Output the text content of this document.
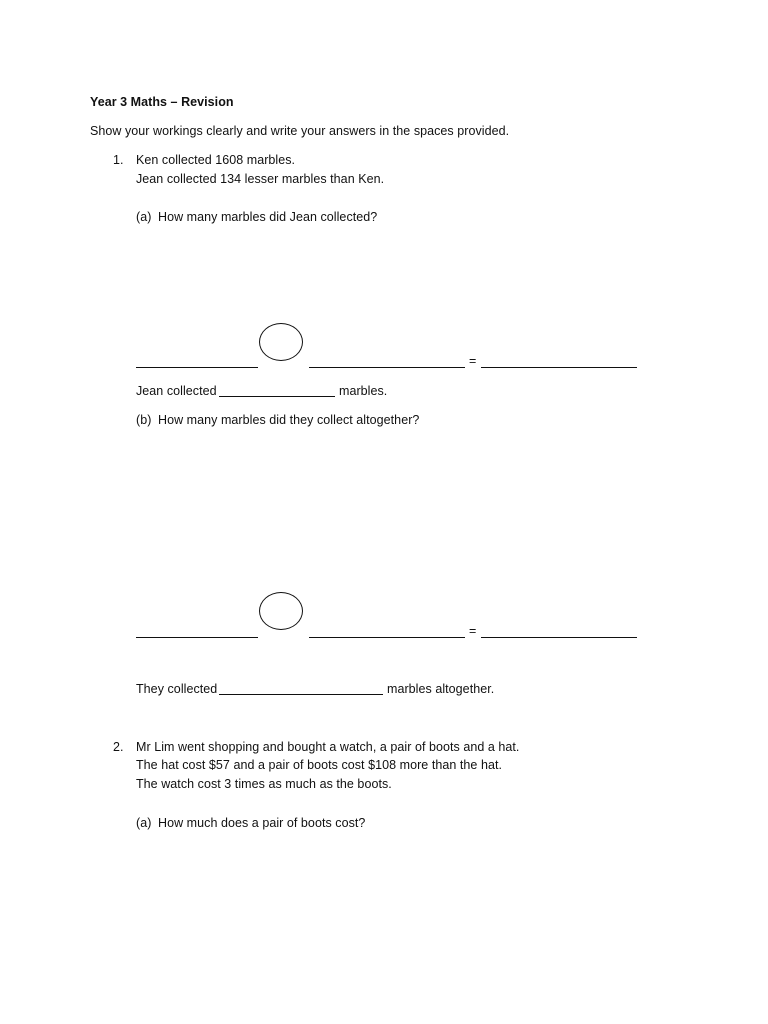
Year 3 Maths – Revision
Show your workings clearly and write your answers in the spaces provided.
1. Ken collected 1608 marbles.
Jean collected 134 lesser marbles than Ken.
(a) How many marbles did Jean collected?
=
Jean collected	marbles.
(b) How many marbles did they collect altogether?
=
They collected	marbles altogether.
2. Mr Lim went shopping and bought a watch, a pair of boots and a hat.
The hat cost $57 and a pair of boots cost $108 more than the hat.
The watch cost 3 times as much as the boots.
(a) How much does a pair of boots cost?
